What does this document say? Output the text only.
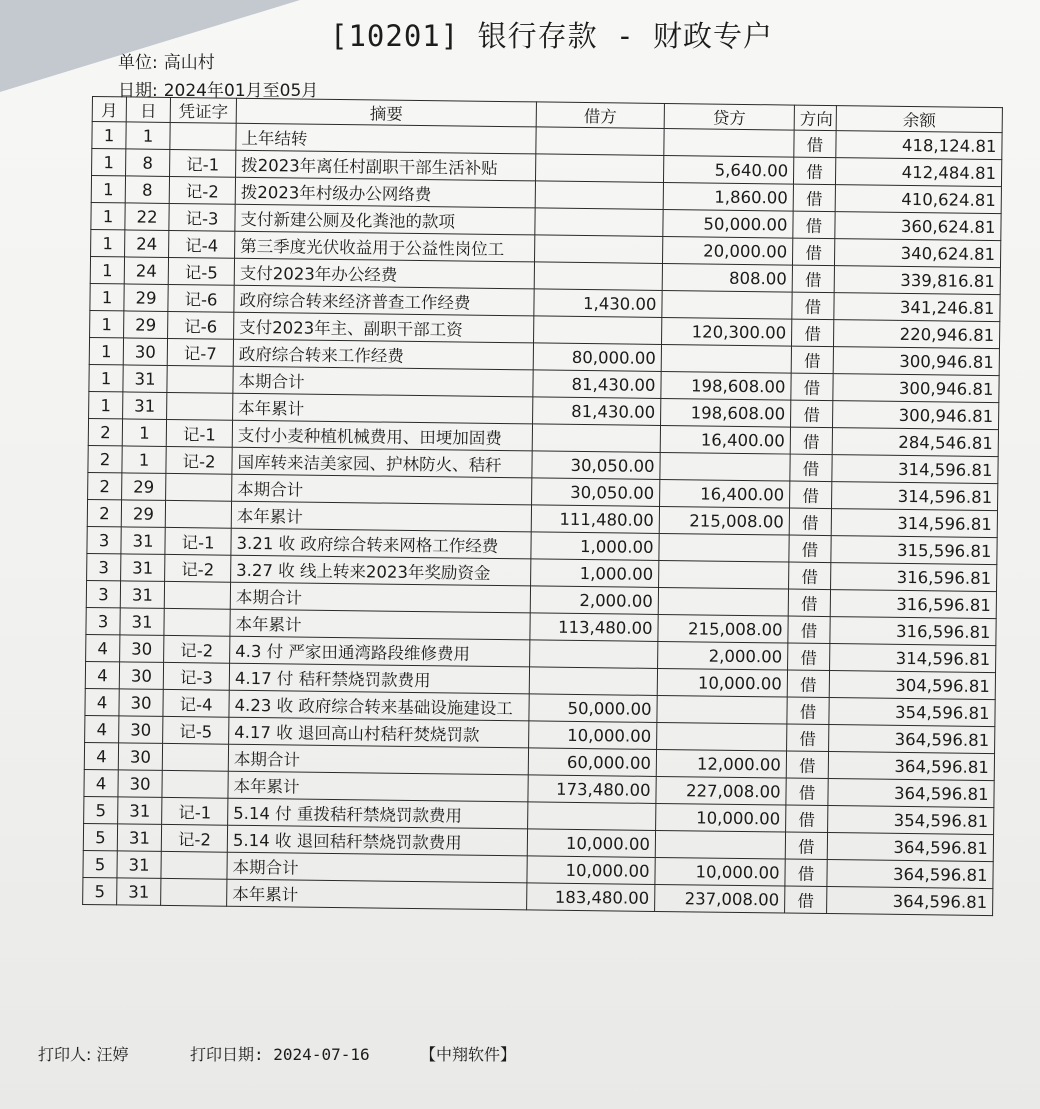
[10201] 银行存款 - 财政专户
单位: 高山村
日期: 2024年01月至05月
月	日	凭证字	摘要	借方	贷方	方向	余额
1	1		上年结转			借	418,124.81
1	8	记-1	拨2023年离任村副职干部生活补贴		5,640.00	借	412,484.81
1	8	记-2	拨2023年村级办公网络费		1,860.00	借	410,624.81
1	22	记-3	支付新建公厕及化粪池的款项		50,000.00	借	360,624.81
1	24	记-4	第三季度光伏收益用于公益性岗位工		20,000.00	借	340,624.81
1	24	记-5	支付2023年办公经费		808.00	借	339,816.81
1	29	记-6	政府综合转来经济普查工作经费	1,430.00		借	341,246.81
1	29	记-6	支付2023年主、副职干部工资		120,300.00	借	220,946.81
1	30	记-7	政府综合转来工作经费	80,000.00		借	300,946.81
1	31		本期合计	81,430.00	198,608.00	借	300,946.81
1	31		本年累计	81,430.00	198,608.00	借	300,946.81
2	1	记-1	支付小麦种植机械费用、田埂加固费		16,400.00	借	284,546.81
2	1	记-2	国库转来洁美家园、护林防火、秸秆	30,050.00		借	314,596.81
2	29		本期合计	30,050.00	16,400.00	借	314,596.81
2	29		本年累计	111,480.00	215,008.00	借	314,596.81
3	31	记-1	3.21 收 政府综合转来网格工作经费	1,000.00		借	315,596.81
3	31	记-2	3.27 收 线上转来2023年奖励资金	1,000.00		借	316,596.81
3	31		本期合计	2,000.00		借	316,596.81
3	31		本年累计	113,480.00	215,008.00	借	316,596.81
4	30	记-2	4.3 付 严家田通湾路段维修费用		2,000.00	借	314,596.81
4	30	记-3	4.17 付 秸秆禁烧罚款费用		10,000.00	借	304,596.81
4	30	记-4	4.23 收 政府综合转来基础设施建设工	50,000.00		借	354,596.81
4	30	记-5	4.17 收 退回高山村秸秆焚烧罚款	10,000.00		借	364,596.81
4	30		本期合计	60,000.00	12,000.00	借	364,596.81
4	30		本年累计	173,480.00	227,008.00	借	364,596.81
5	31	记-1	5.14 付 重拨秸秆禁烧罚款费用		10,000.00	借	354,596.81
5	31	记-2	5.14 收 退回秸秆禁烧罚款费用	10,000.00		借	364,596.81
5	31		本期合计	10,000.00	10,000.00	借	364,596.81
5	31		本年累计	183,480.00	237,008.00	借	364,596.81
打印人: 汪婷	打印日期: 2024-07-16	【中翔软件】
